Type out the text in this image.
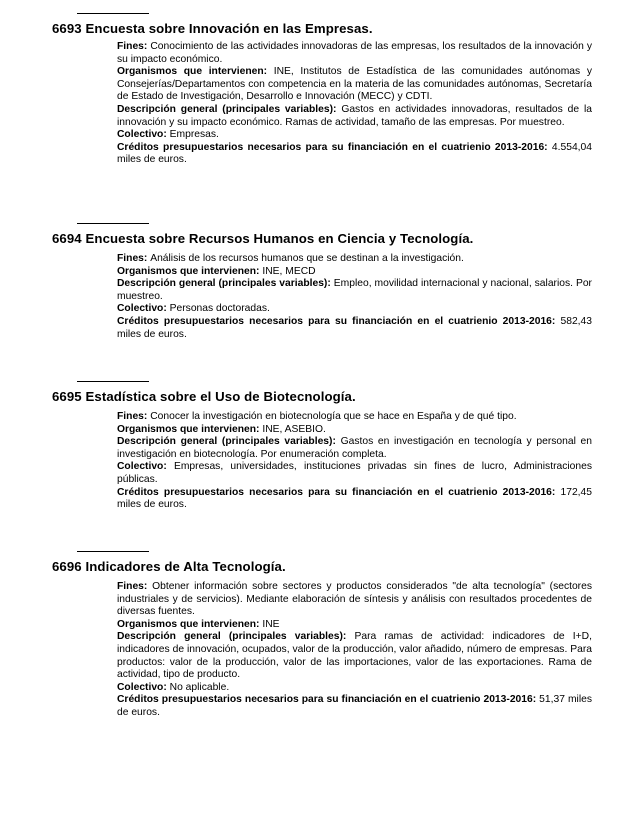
6693 Encuesta sobre Innovación en las Empresas.

Fines: Conocimiento de las actividades innovadoras de las empresas, los resultados de la innovación y su impacto económico.

Organismos que intervienen: INE, Institutos de Estadística de las comunidades autónomas y Consejerías/Departamentos con competencia en la materia de las comunidades autónomas, Secretaría de Estado de Investigación, Desarrollo e Innovación (MECC) y CDTI.

Descripción general (principales variables): Gastos en actividades innovadoras, resultados de la innovación y su impacto económico. Ramas de actividad, tamaño de las empresas. Por muestreo.

Colectivo: Empresas.

Créditos presupuestarios necesarios para su financiación en el cuatrienio 2013-2016: 4.554,04 miles de euros.

6694 Encuesta sobre Recursos Humanos en Ciencia y Tecnología.

Fines: Análisis de los recursos humanos que se destinan a la investigación.

Organismos que intervienen: INE, MECD

Descripción general (principales variables): Empleo, movilidad internacional y nacional, salarios. Por muestreo.

Colectivo: Personas doctoradas.

Créditos presupuestarios necesarios para su financiación en el cuatrienio 2013-2016: 582,43 miles de euros.

6695 Estadística sobre el Uso de Biotecnología.

Fines: Conocer la investigación en biotecnología que se hace en España y de qué tipo.

Organismos que intervienen: INE, ASEBIO.

Descripción general (principales variables): Gastos en investigación en tecnología y personal en investigación en biotecnología. Por enumeración completa.

Colectivo: Empresas, universidades, instituciones privadas sin fines de lucro, Administraciones públicas.

Créditos presupuestarios necesarios para su financiación en el cuatrienio 2013-2016: 172,45 miles de euros.

6696 Indicadores de Alta Tecnología.

Fines: Obtener información sobre sectores y productos considerados "de alta tecnología" (sectores industriales y de servicios). Mediante elaboración de síntesis y análisis con resultados procedentes de diversas fuentes.

Organismos que intervienen: INE

Descripción general (principales variables): Para ramas de actividad: indicadores de I+D, indicadores de innovación, ocupados, valor de la producción, valor añadido, número de empresas. Para productos: valor de la producción, valor de las importaciones, valor de las exportaciones. Rama de actividad, tipo de producto.

Colectivo: No aplicable.

Créditos presupuestarios necesarios para su financiación en el cuatrienio 2013-2016: 51,37 miles de euros.
